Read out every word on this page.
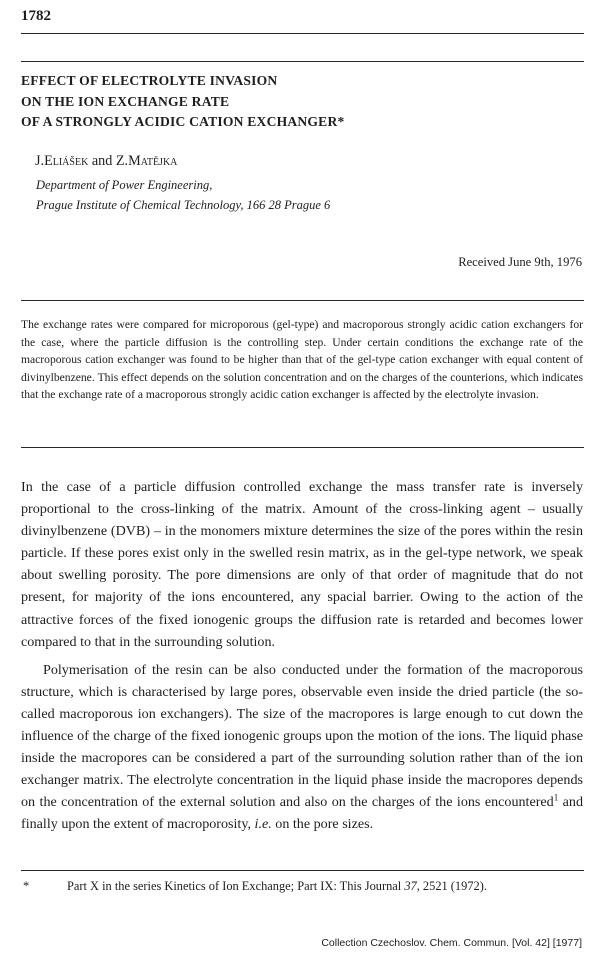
1782

EFFECT OF ELECTROLYTE INVASION
ON THE ION EXCHANGE RATE
OF A STRONGLY ACIDIC CATION EXCHANGER*

J.Eliášek and Z.Matějka

Department of Power Engineering,
Prague Institute of Chemical Technology, 166 28 Prague 6

Received June 9th, 1976

The exchange rates were compared for microporous (gel-type) and macroporous strongly acidic cation exchangers for the case, where the particle diffusion is the controlling step. Under certain conditions the exchange rate of the macroporous cation exchanger was found to be higher than that of the gel-type cation exchanger with equal content of divinylbenzene. This effect depends on the solution concentration and on the charges of the counterions, which indicates that the exchange rate of a macroporous strongly acidic cation exchanger is affected by the electrolyte invasion.

In the case of a particle diffusion controlled exchange the mass transfer rate is inversely proportional to the cross-linking of the matrix. Amount of the cross-linking agent – usually divinylbenzene (DVB) – in the monomers mixture determines the size of the pores within the resin particle. If these pores exist only in the swelled resin matrix, as in the gel-type network, we speak about swelling porosity. The pore dimensions are only of that order of magnitude that do not present, for majority of the ions encountered, any spacial barrier. Owing to the action of the attractive forces of the fixed ionogenic groups the diffusion rate is retarded and becomes lower compared to that in the surrounding solution.

Polymerisation of the resin can be also conducted under the formation of the macroporous structure, which is characterised by large pores, observable even inside the dried particle (the so-called macroporous ion exchangers). The size of the macropores is large enough to cut down the influence of the charge of the fixed ionogenic groups upon the motion of the ions. The liquid phase inside the macropores can be considered a part of the surrounding solution rather than of the ion exchanger matrix. The electrolyte concentration in the liquid phase inside the macropores depends on the concentration of the external solution and also on the charges of the ions encountered$^1$ and finally upon the extent of macroporosity, i.e. on the pore sizes.

*	Part X in the series Kinetics of Ion Exchange; Part IX: This Journal 37, 2521 (1972).

Collection Czechoslov. Chem. Commun. [Vol. 42] [1977]
